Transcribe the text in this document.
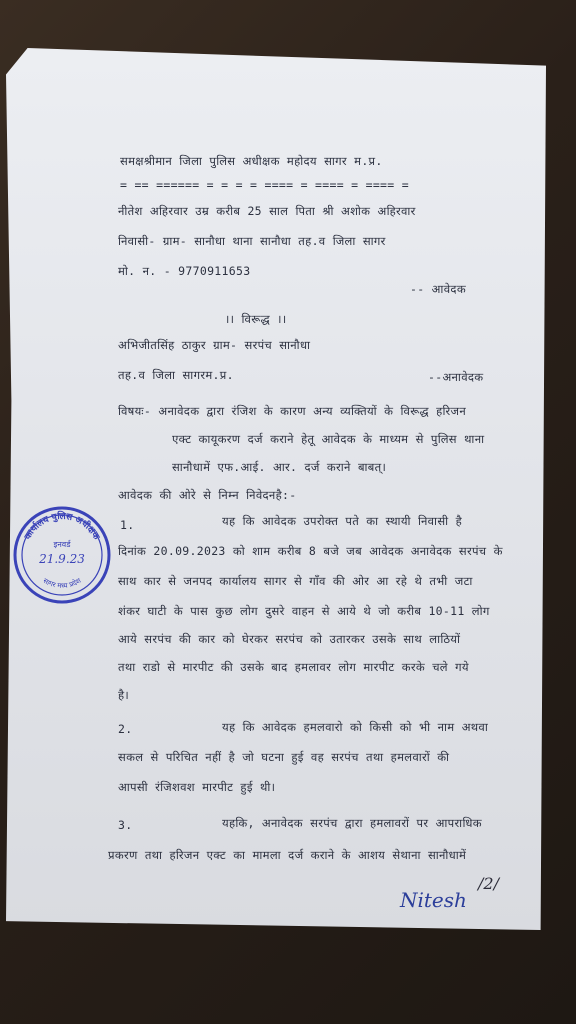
समक्षश्रीमान जिला पुलिस अधीक्षक महोदय सागर म.प्र.
= == ====== = = = = ==== = ==== = ==== =
नीतेश अहिरवार उम्र करीब 25 साल पिता श्री अशोक अहिरवार
निवासी- ग्राम- सानौधा थाना सानौधा तह.व जिला सागर
मो. न. - 9770911653
-- आवेदक
।। विरूद्ध ।।
अभिजीतसिंह ठाकुर ग्राम- सरपंच सानौधा
तह.व जिला सागरम.प्र.	--अनावेदक
विषयः- अनावेदक द्वारा रंजिश के कारण अन्य व्यक्तियों के विरूद्ध हरिजन
एक्ट कायूकरण दर्ज कराने हेतू आवेदक के माध्यम से पुलिस थाना
सानौधामें एफ.आई. आर. दर्ज कराने बाबत्।
आवेदक की ओरे से निम्न निवेदनहै:-
1.	यह कि आवेदक उपरोक्त पते का स्थायी निवासी है
दिनांक 20.09.2023 को शाम करीब 8 बजे जब आवेदक अनावेदक सरपंच के
साथ कार से जनपद कार्यालय सागर से गाँव की ओर आ रहे थे तभी जटा
शंकर घाटी के पास कुछ लोग दुसरे वाहन से आये थे जो करीब 10-11 लोग
आये सरपंच की कार को घेरकर सरपंच को उतारकर उसके साथ लाठियों
तथा राडो से मारपीट की उसके बाद हमलावर लोग मारपीट करके चले गये
है।
2.	यह कि आवेदक हमलवारो को किसी को भी नाम अथवा
सकल से परिचित नहीं है जो घटना हुई वह सरपंच तथा हमलवारों की
आपसी रंजिशवश मारपीट हुई थी।
3.	यहकि, अनावेदक सरपंच द्वारा हमलावरों पर आपराधिक
प्रकरण तथा हरिजन एक्ट का मामला दर्ज कराने के आशय सेथाना सानौधामें
/2/
कार्यालय पुलिस अधीक्षक
इनवर्ड
21.9.23
सागर मध्य प्रदेश
Nitesh
